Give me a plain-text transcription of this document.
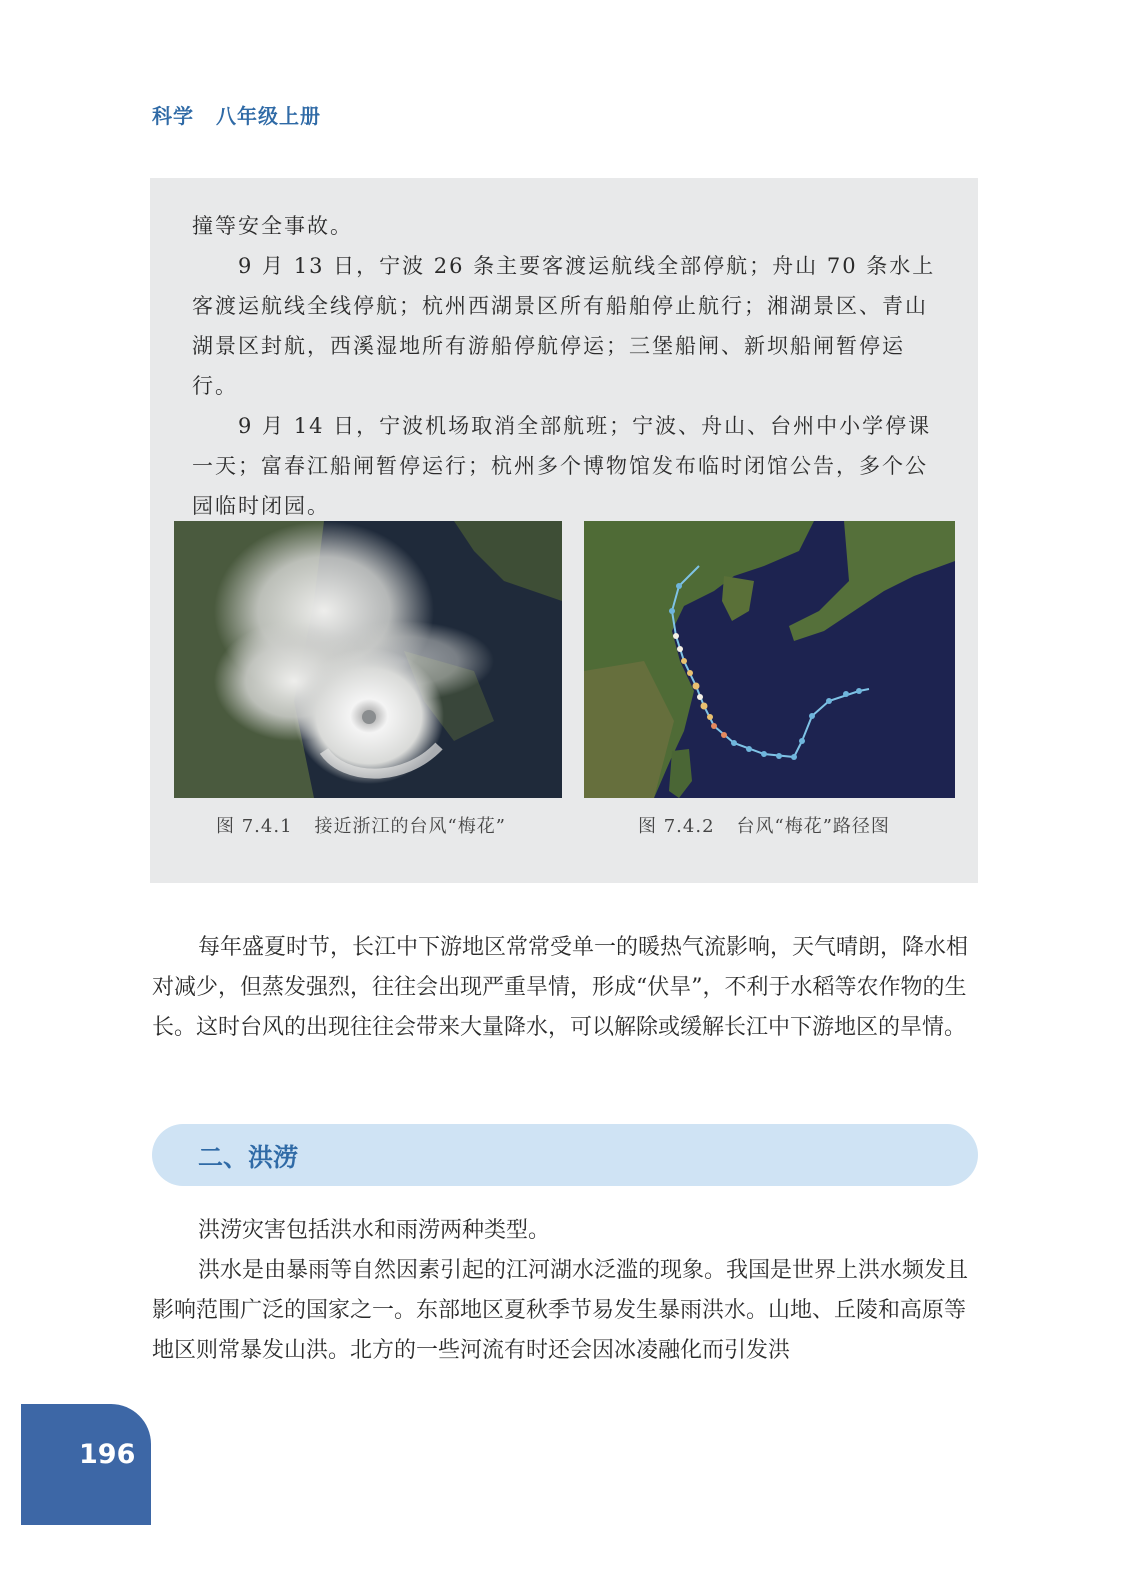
科学 八年级上册

撞等安全事故。

9 月 13 日，宁波 26 条主要客渡运航线全部停航；舟山 70 条水上客渡运航线全线停航；杭州西湖景区所有船舶停止航行；湘湖景区、青山湖景区封航，西溪湿地所有游船停航停运；三堡船闸、新坝船闸暂停运行。

9 月 14 日，宁波机场取消全部航班；宁波、舟山、台州中小学停课一天；富春江船闸暂停运行；杭州多个博物馆发布临时闭馆公告，多个公园临时闭园。

图 7.4.1 接近浙江的台风“梅花”	图 7.4.2 台风“梅花”路径图

每年盛夏时节，长江中下游地区常常受单一的暖热气流影响，天气晴朗，降水相对减少，但蒸发强烈，往往会出现严重旱情，形成“伏旱”，不利于水稻等农作物的生长。这时台风的出现往往会带来大量降水，可以解除或缓解长江中下游地区的旱情。

二、洪涝

洪涝灾害包括洪水和雨涝两种类型。

洪水是由暴雨等自然因素引起的江河湖水泛滥的现象。我国是世界上洪水频发且影响范围广泛的国家之一。东部地区夏秋季节易发生暴雨洪水。山地、丘陵和高原等地区则常暴发山洪。北方的一些河流有时还会因冰凌融化而引发洪

196
